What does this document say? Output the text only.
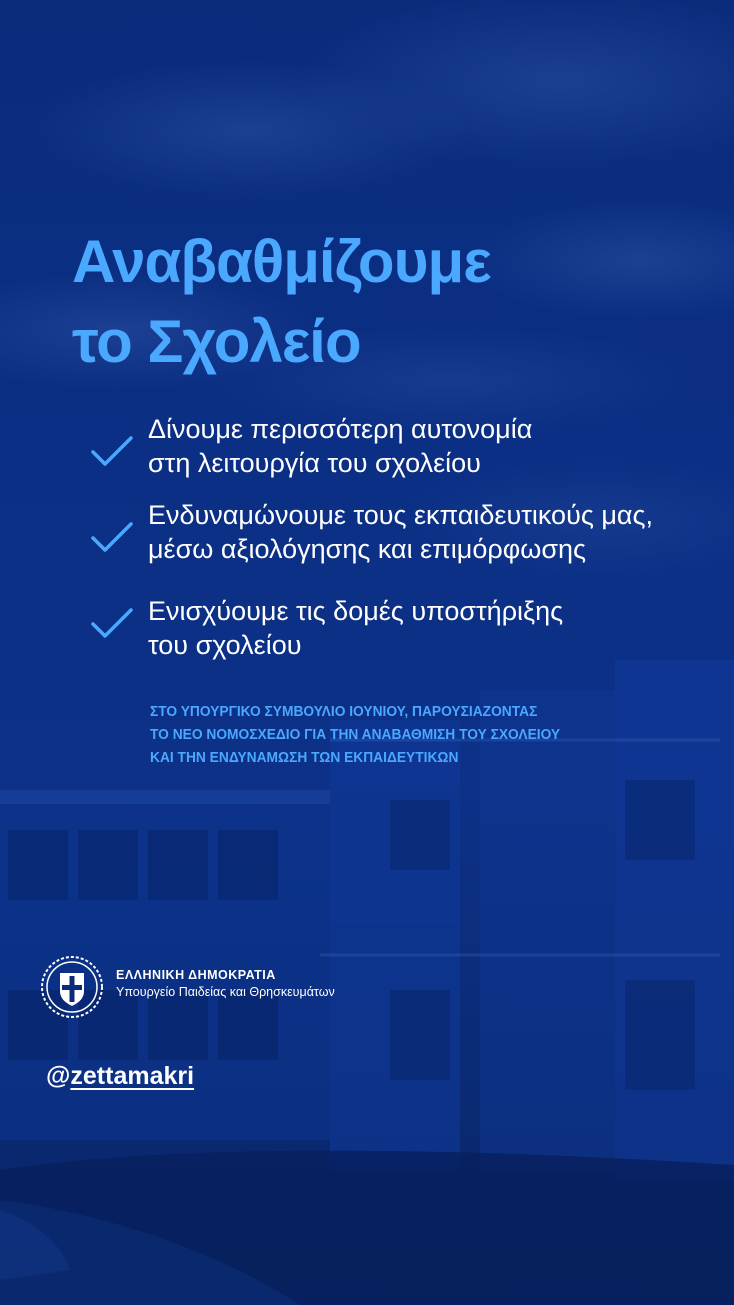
Αναβαθμίζουμε
το Σχολείο
Δίνουμε περισσότερη αυτονομία
στη λειτουργία του σχολείου
Ενδυναμώνουμε τους εκπαιδευτικούς μας,
μέσω αξιολόγησης και επιμόρφωσης
Ενισχύουμε τις δομές υποστήριξης
του σχολείου
ΣΤΟ ΥΠΟΥΡΓΙΚΟ ΣΥΜΒΟΥΛΙΟ ΙΟΥΝΙΟΥ, ΠΑΡΟΥΣΙΑΖΟΝΤΑΣ
ΤΟ ΝΕΟ ΝΟΜΟΣΧΕΔΙΟ ΓΙΑ ΤΗΝ ΑΝΑΒΑΘΜΙΣΗ ΤΟΥ ΣΧΟΛΕΙΟΥ
ΚΑΙ ΤΗΝ ΕΝΔΥΝΑΜΩΣΗ ΤΩΝ ΕΚΠΑΙΔΕΥΤΙΚΩΝ
ΕΛΛΗΝΙΚΗ ΔΗΜΟΚΡΑΤΙΑ
Υπουργείο Παιδείας και Θρησκευμάτων
@zettamakri
